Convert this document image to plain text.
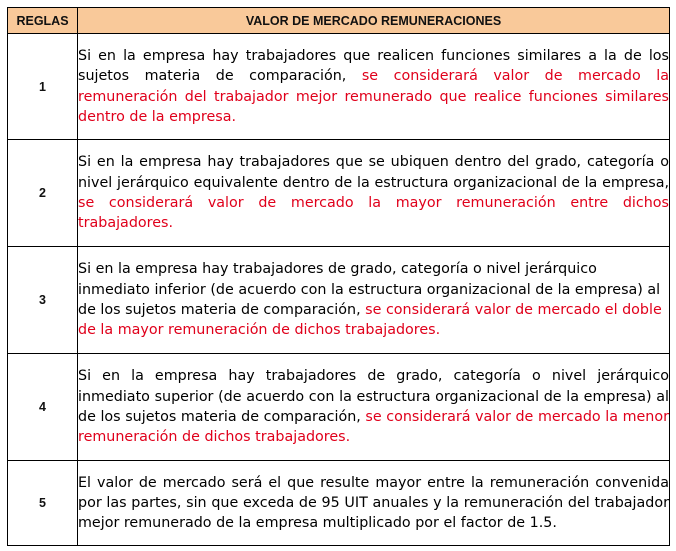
REGLAS	VALOR DE MERCADO REMUNERACIONES
1	Si en la empresa hay trabajadores que realicen funciones similares a la de los sujetos materia de comparación, se considerará valor de mercado la remuneración del trabajador mejor remunerado que realice funciones similares dentro de la empresa.
2	Si en la empresa hay trabajadores que se ubiquen dentro del grado, categoría o nivel jerárquico equivalente dentro de la estructura organizacional de la empresa, se considerará valor de mercado la mayor remuneración entre dichos trabajadores.
3	Si en la empresa hay trabajadores de grado, categoría o nivel jerárquico inmediato inferior (de acuerdo con la estructura organizacional de la empresa) al de los sujetos materia de comparación, se considerará valor de mercado el doble de la mayor remuneración de dichos trabajadores.
4	Si en la empresa hay trabajadores de grado, categoría o nivel jerárquico inmediato superior (de acuerdo con la estructura organizacional de la empresa) al de los sujetos materia de comparación, se considerará valor de mercado la menor remuneración de dichos trabajadores.
5	El valor de mercado será el que resulte mayor entre la remuneración convenida por las partes, sin que exceda de 95 UIT anuales y la remuneración del trabajador mejor remunerado de la empresa multiplicado por el factor de 1.5.
